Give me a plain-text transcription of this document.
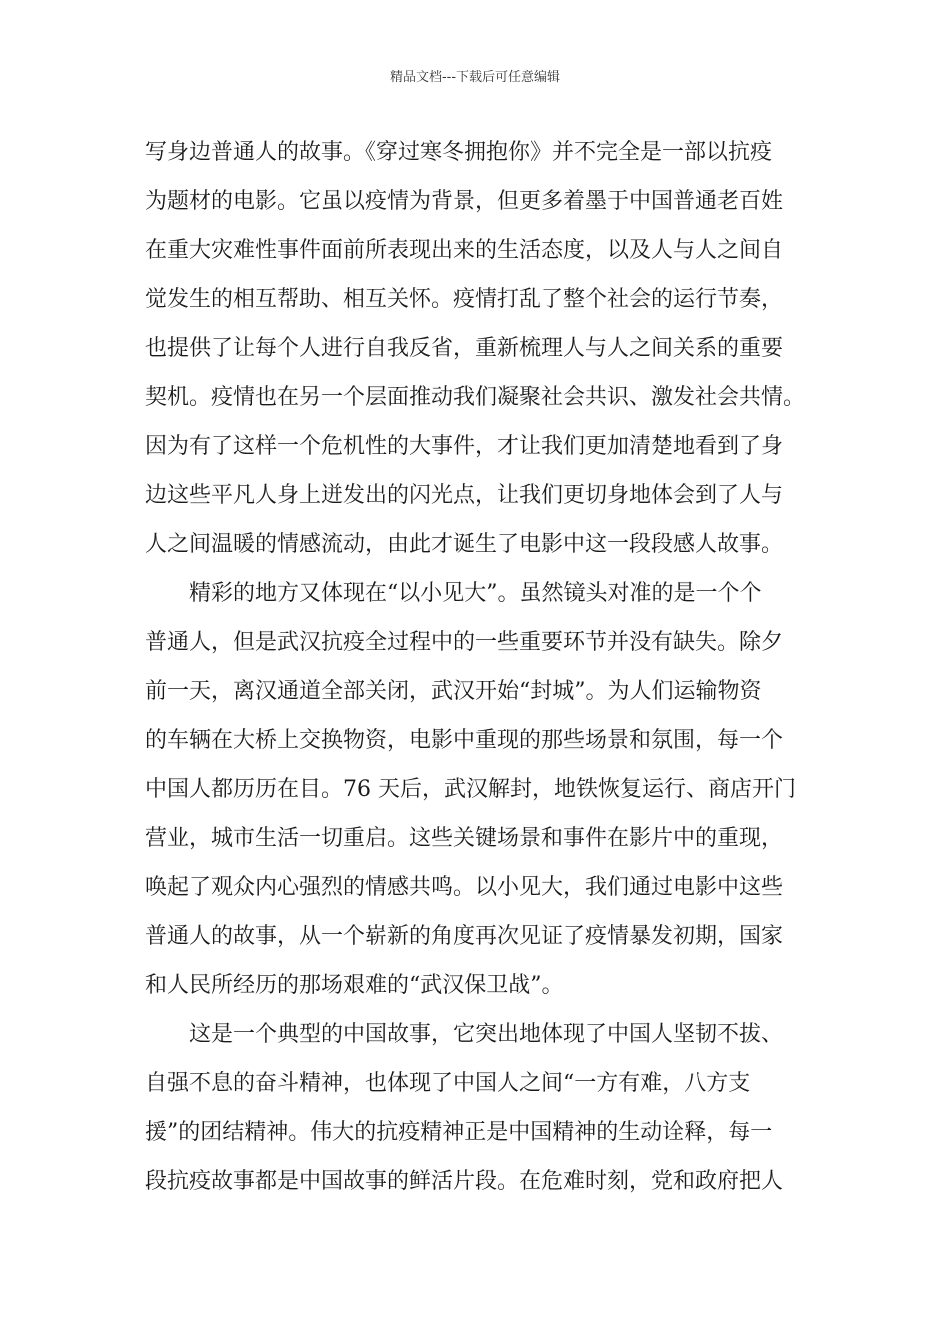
精品文档---下载后可任意编辑
写身边普通人的故事。《穿过寒冬拥抱你》并不完全是一部以抗疫
为题材的电影。它虽以疫情为背景，但更多着墨于中国普通老百姓
在重大灾难性事件面前所表现出来的生活态度，以及人与人之间自
觉发生的相互帮助、相互关怀。疫情打乱了整个社会的运行节奏，
也提供了让每个人进行自我反省，重新梳理人与人之间关系的重要
契机。疫情也在另一个层面推动我们凝聚社会共识、激发社会共情。
因为有了这样一个危机性的大事件，才让我们更加清楚地看到了身
边这些平凡人身上迸发出的闪光点，让我们更切身地体会到了人与
人之间温暖的情感流动，由此才诞生了电影中这一段段感人故事。
　　精彩的地方又体现在“以小见大”。虽然镜头对准的是一个个
普通人，但是武汉抗疫全过程中的一些重要环节并没有缺失。除夕
前一天，离汉通道全部关闭，武汉开始“封城”。为人们运输物资
的车辆在大桥上交换物资，电影中重现的那些场景和氛围，每一个
中国人都历历在目。76 天后，武汉解封，地铁恢复运行、商店开门
营业，城市生活一切重启。这些关键场景和事件在影片中的重现，
唤起了观众内心强烈的情感共鸣。以小见大，我们通过电影中这些
普通人的故事，从一个崭新的角度再次见证了疫情暴发初期，国家
和人民所经历的那场艰难的“武汉保卫战”。
　　这是一个典型的中国故事，它突出地体现了中国人坚韧不拔、
自强不息的奋斗精神，也体现了中国人之间“一方有难，八方支
援”的团结精神。伟大的抗疫精神正是中国精神的生动诠释，每一
段抗疫故事都是中国故事的鲜活片段。在危难时刻，党和政府把人
